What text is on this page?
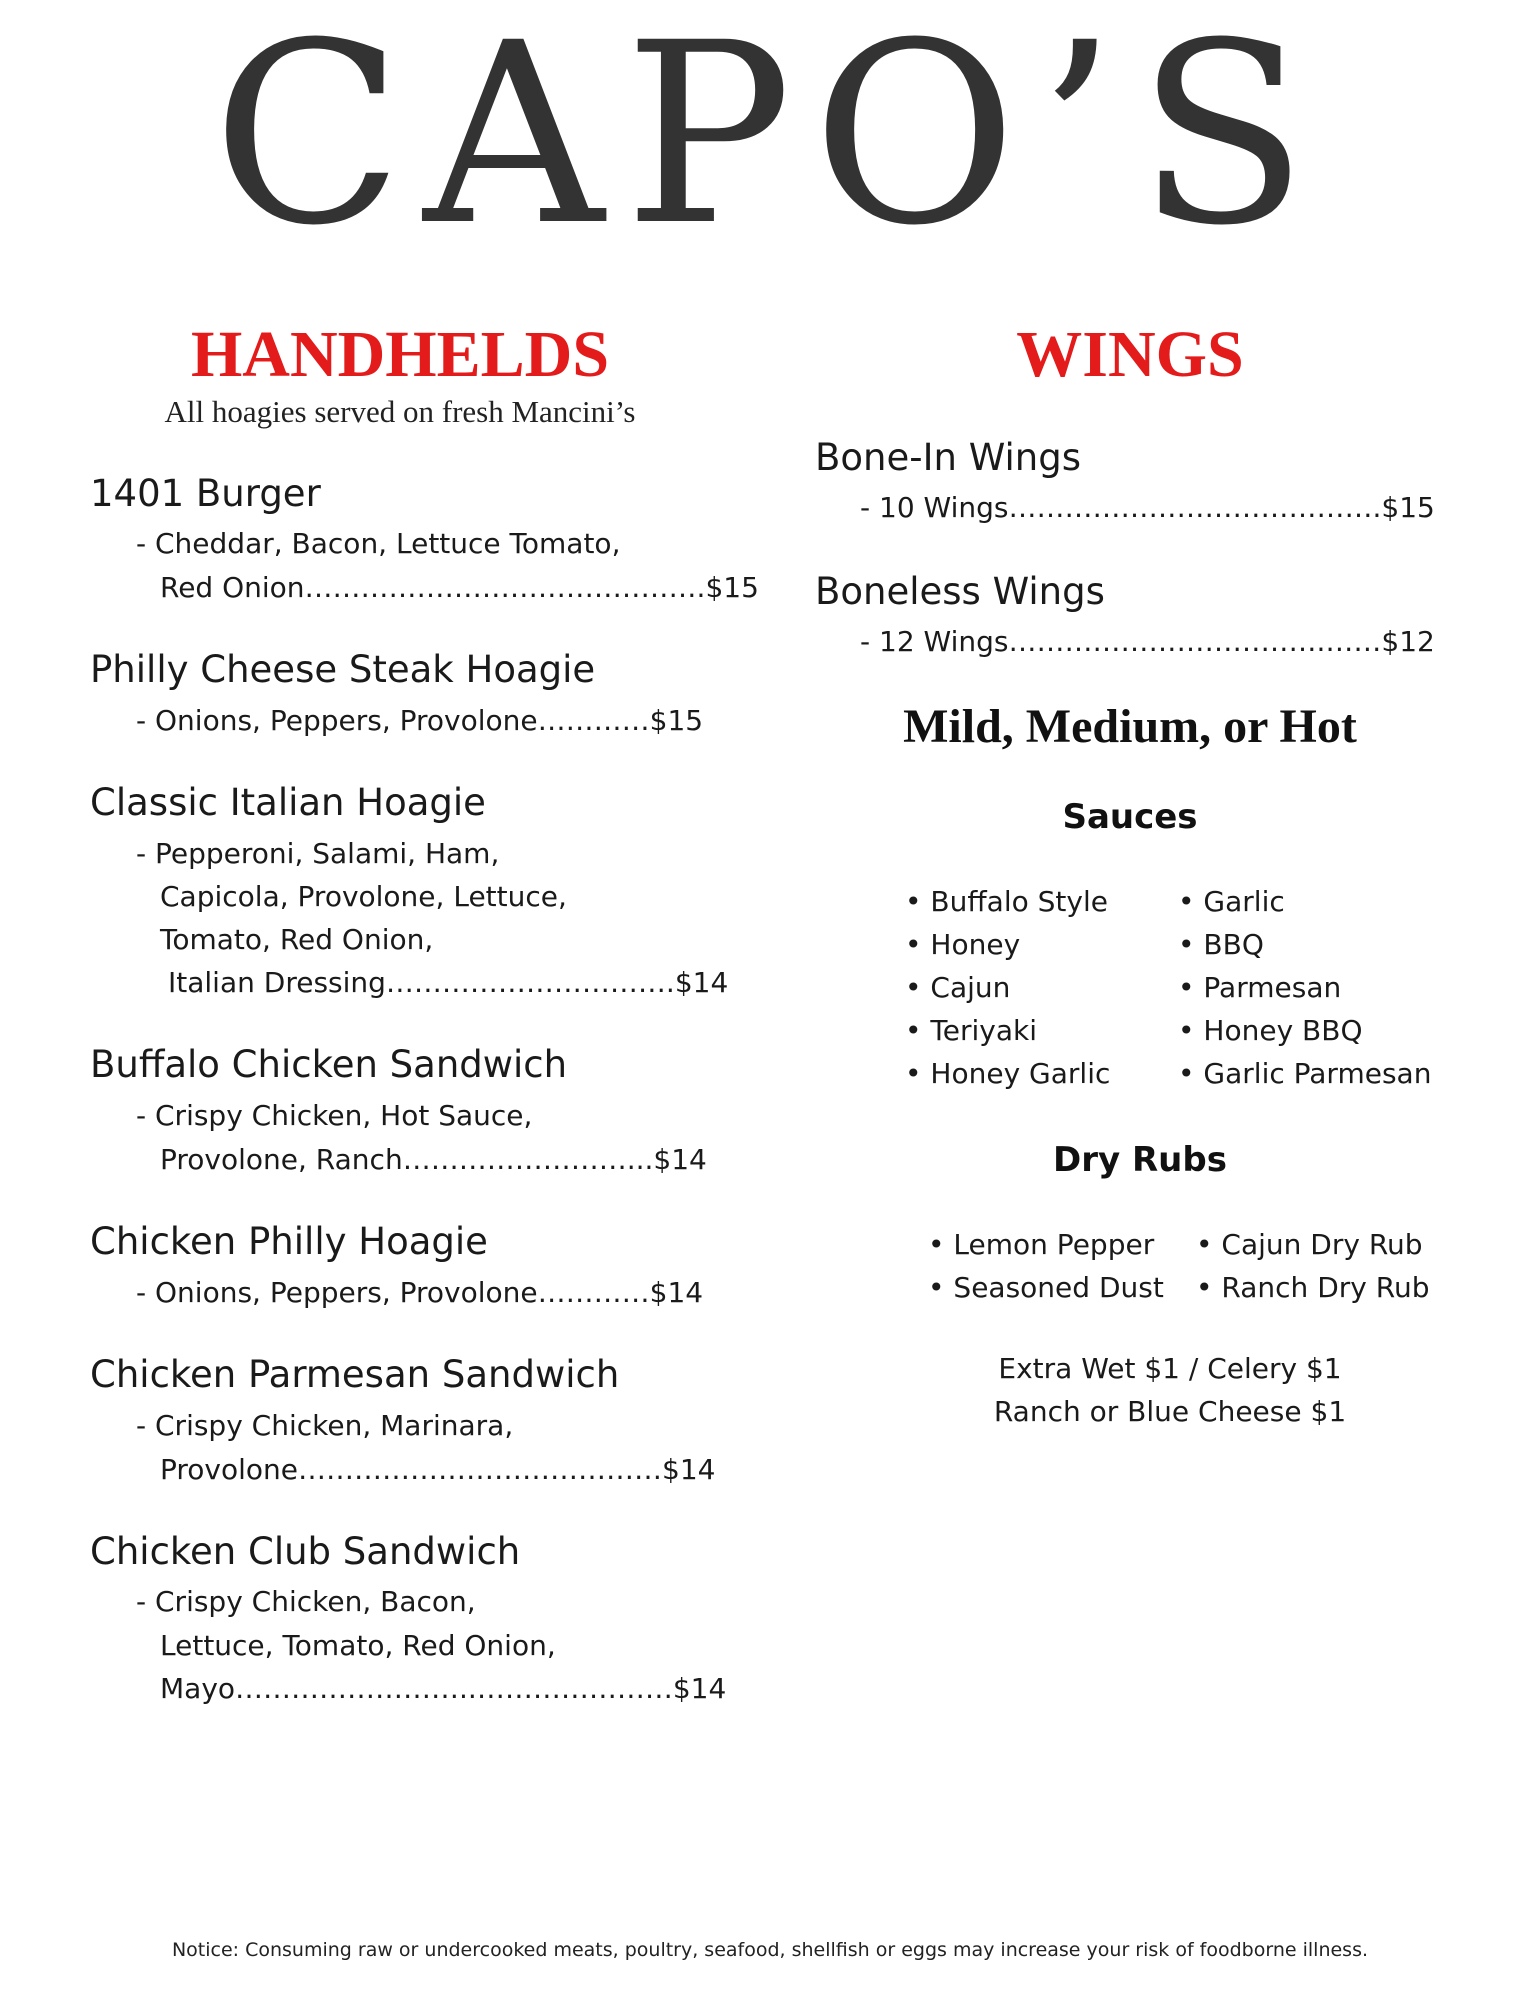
CAPO’S
HANDHELDS
All hoagies served on fresh Mancini’s
1401 Burger
- Cheddar, Bacon, Lettuce Tomato,
Red Onion…………………………………….$15
Philly Cheese Steak Hoagie
- Onions, Peppers, Provolone…………$15
Classic Italian Hoagie
- Pepperoni, Salami, Ham,
Capicola, Provolone, Lettuce,
Tomato, Red Onion,
Italian Dressing………………………….$14
Buffalo Chicken Sandwich
- Crispy Chicken, Hot Sauce,
Provolone, Ranch……………………...$14
Chicken Philly Hoagie
- Onions, Peppers, Provolone…………$14
Chicken Parmesan Sandwich
- Crispy Chicken, Marinara,
Provolone…………………………………$14
Chicken Club Sandwich
- Crispy Chicken, Bacon,
Lettuce, Tomato, Red Onion,
Mayo……………………..…………………$14
WINGS
Bone-In Wings
- 10 Wings………………………………….$15
Boneless Wings
- 12 Wings…………………………….……$12
Mild, Medium, or Hot
Sauces
• Buffalo Style
• Honey
• Cajun
• Teriyaki
• Honey Garlic
• Garlic
• BBQ
• Parmesan
• Honey BBQ
• Garlic Parmesan
Dry Rubs
• Lemon Pepper
• Seasoned Dust
• Cajun Dry Rub
• Ranch Dry Rub
Extra Wet $1 / Celery $1
Ranch or Blue Cheese $1
Notice: Consuming raw or undercooked meats, poultry, seafood, shellfish or eggs may increase your risk of foodborne illness.
